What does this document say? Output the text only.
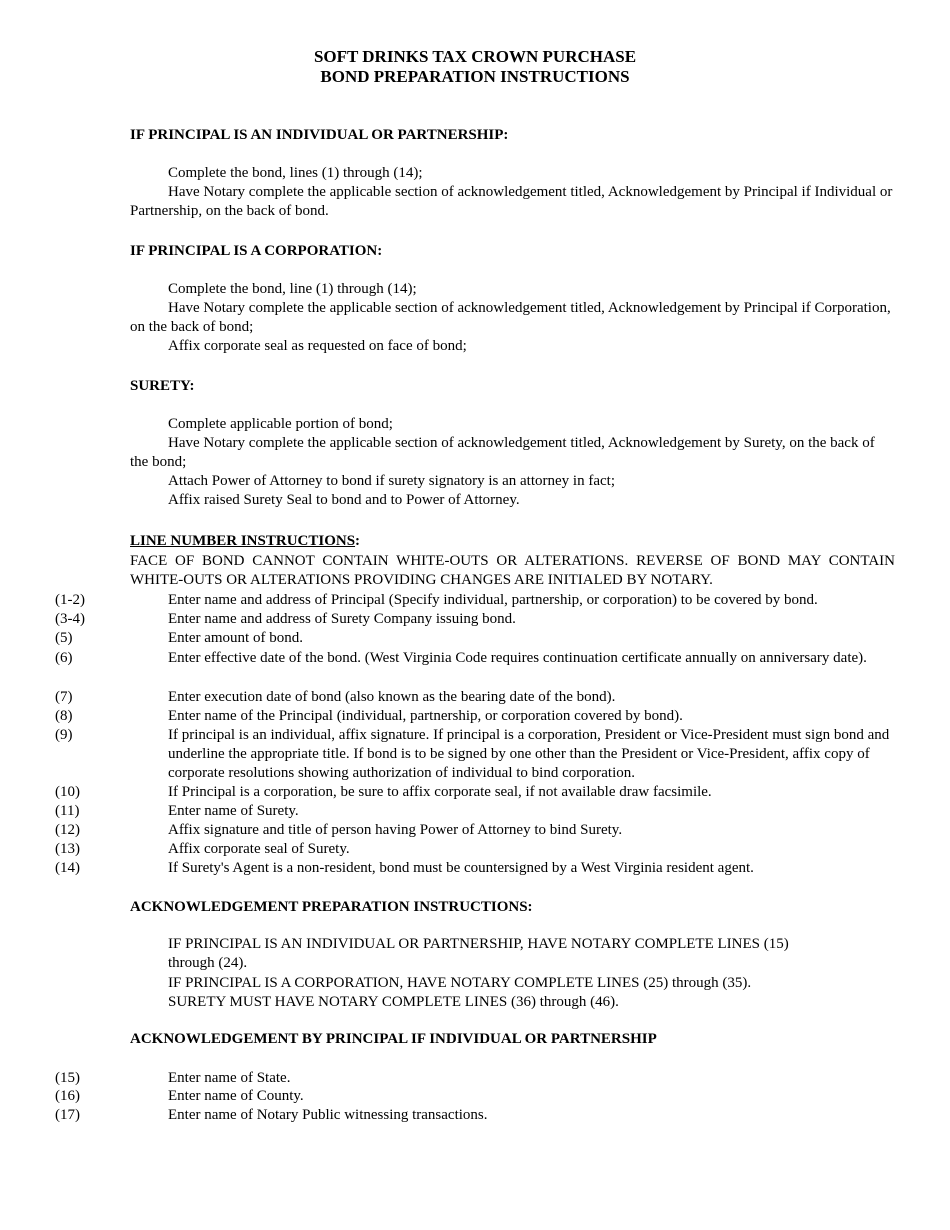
SOFT DRINKS TAX CROWN PURCHASE
BOND PREPARATION INSTRUCTIONS
IF PRINCIPAL IS AN INDIVIDUAL OR PARTNERSHIP:

Complete the bond, lines (1) through (14);

Have Notary complete the applicable section of acknowledgement titled, Acknowledgement by Principal if Individual or Partnership, on the back of bond.

IF PRINCIPAL IS A CORPORATION:

Complete the bond, line (1) through (14);

Have Notary complete the applicable section of acknowledgement titled, Acknowledgement by Principal if Corporation, on the back of bond;

Affix corporate seal as requested on face of bond;

SURETY:

Complete applicable portion of bond;

Have Notary complete the applicable section of acknowledgement titled, Acknowledgement by Surety, on the back of the bond;

Attach Power of Attorney to bond if surety signatory is an attorney in fact;

Affix raised Surety Seal to bond and to Power of Attorney.

LINE NUMBER INSTRUCTIONS:
FACE OF BOND CANNOT CONTAIN WHITE-OUTS OR ALTERATIONS. REVERSE OF BOND MAY CONTAIN WHITE-OUTS OR ALTERATIONS PROVIDING CHANGES ARE INITIALED BY NOTARY.
(1-2)	Enter name and address of Principal (Specify individual, partnership, or corporation) to be covered by bond.
(3-4)	Enter name and address of Surety Company issuing bond.
(5)	Enter amount of bond.
(6)	Enter effective date of the bond. (West Virginia Code requires continuation certificate annually on anniversary date).
(7)	Enter execution date of bond (also known as the bearing date of the bond).
(8)	Enter name of the Principal (individual, partnership, or corporation covered by bond).
(9)	If principal is an individual, affix signature. If principal is a corporation, President or Vice-President must sign bond and underline the appropriate title. If bond is to be signed by one other than the President or Vice-President, affix copy of corporate resolutions showing authorization of individual to bind corporation.
(10)	If Principal is a corporation, be sure to affix corporate seal, if not available draw facsimile.
(11)	Enter name of Surety.
(12)	Affix signature and title of person having Power of Attorney to bind Surety.
(13)	Affix corporate seal of Surety.
(14)	If Surety's Agent is a non-resident, bond must be countersigned by a West Virginia resident agent.
ACKNOWLEDGEMENT PREPARATION INSTRUCTIONS:
IF PRINCIPAL IS AN INDIVIDUAL OR PARTNERSHIP, HAVE NOTARY COMPLETE LINES (15) through (24).
IF PRINCIPAL IS A CORPORATION, HAVE NOTARY COMPLETE LINES (25) through (35).
SURETY MUST HAVE NOTARY COMPLETE LINES (36) through (46).
ACKNOWLEDGEMENT BY PRINCIPAL IF INDIVIDUAL OR PARTNERSHIP
(15)	Enter name of State.
(16)	Enter name of County.
(17)	Enter name of Notary Public witnessing transactions.
